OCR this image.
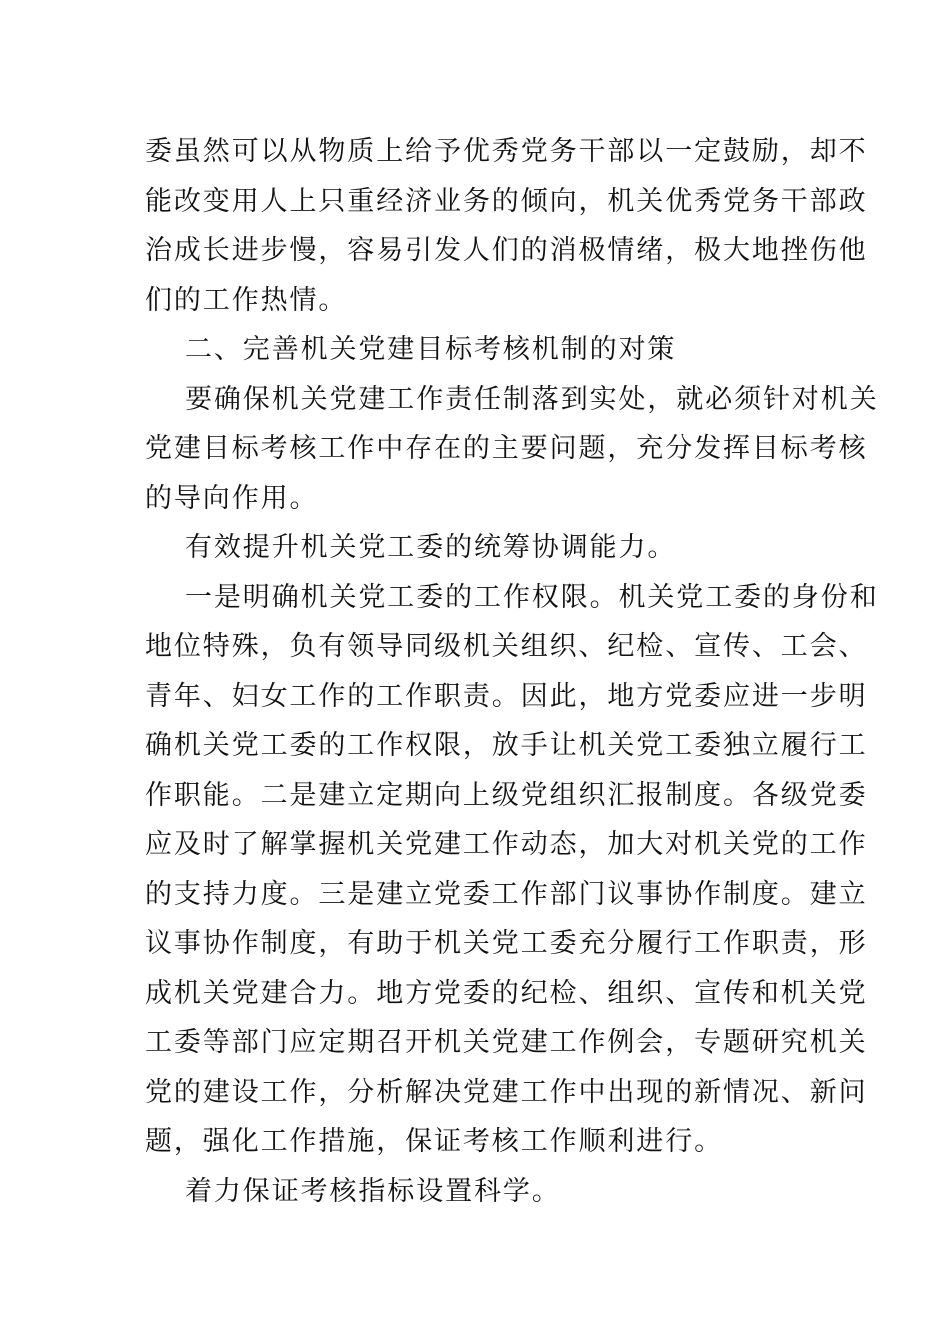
委虽然可以从物质上给予优秀党务干部以一定鼓励，却不
能改变用人上只重经济业务的倾向，机关优秀党务干部政
治成长进步慢，容易引发人们的消极情绪，极大地挫伤他
们的工作热情。
二、完善机关党建目标考核机制的对策
要确保机关党建工作责任制落到实处，就必须针对机关
党建目标考核工作中存在的主要问题，充分发挥目标考核
的导向作用。
有效提升机关党工委的统筹协调能力。
一是明确机关党工委的工作权限。机关党工委的身份和
地位特殊，负有领导同级机关组织、纪检、宣传、工会、
青年、妇女工作的工作职责。因此，地方党委应进一步明
确机关党工委的工作权限，放手让机关党工委独立履行工
作职能。二是建立定期向上级党组织汇报制度。各级党委
应及时了解掌握机关党建工作动态，加大对机关党的工作
的支持力度。三是建立党委工作部门议事协作制度。建立
议事协作制度，有助于机关党工委充分履行工作职责，形
成机关党建合力。地方党委的纪检、组织、宣传和机关党
工委等部门应定期召开机关党建工作例会，专题研究机关
党的建设工作，分析解决党建工作中出现的新情况、新问
题，强化工作措施，保证考核工作顺利进行。
着力保证考核指标设置科学。
